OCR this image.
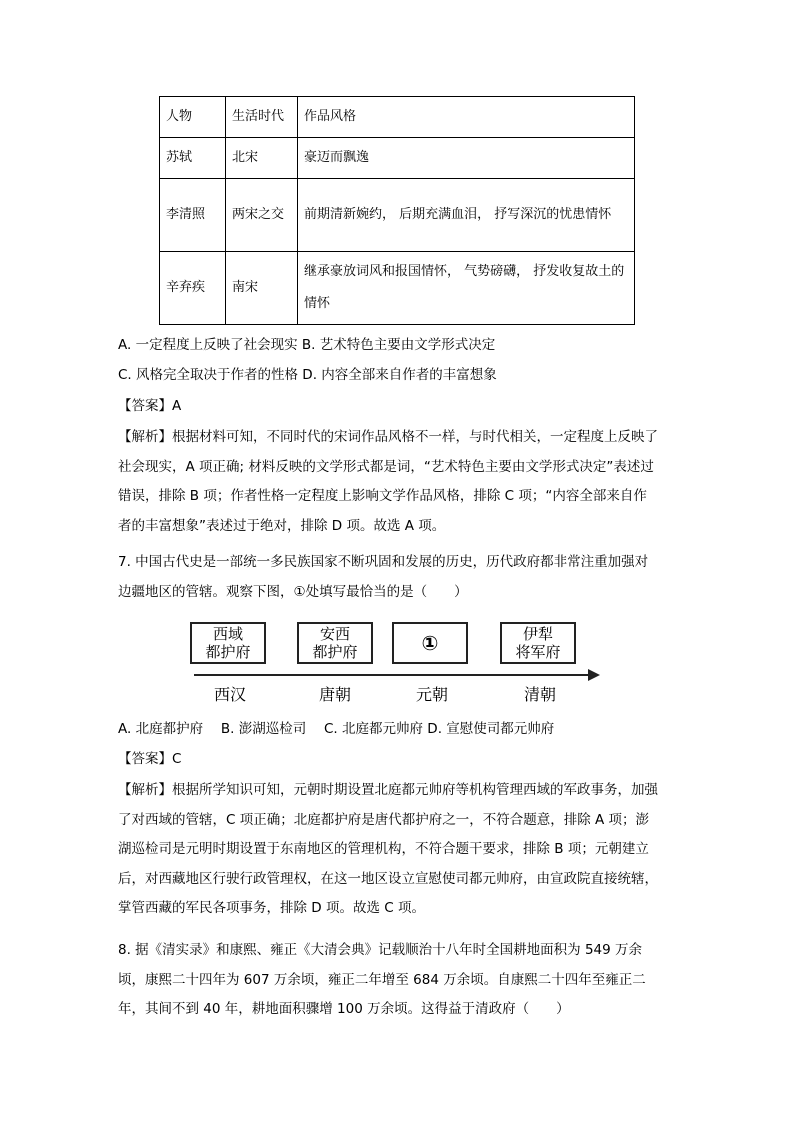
人物	生活时代	作品风格
苏轼	北宋	豪迈而飘逸
李清照	两宋之交	前期清新婉约， 后期充满血泪， 抒写深沉的忧患情怀
辛弃疾	南宋	继承豪放词风和报国情怀， 气势磅礴， 抒发收复故土的情怀
A. 一定程度上反映了社会现实 B. 艺术特色主要由文学形式决定
C. 风格完全取决于作者的性格 D. 内容全部来自作者的丰富想象
【答案】A
【解析】根据材料可知，不同时代的宋词作品风格不一样，与时代相关，一定程度上反映了社会现实，A 项正确; 材料反映的文学形式都是词，“艺术特色主要由文学形式决定”表述过错误，排除 B 项；作者性格一定程度上影响文学作品风格，排除 C 项；“内容全部来自作者的丰富想象”表述过于绝对，排除 D 项。故选 A 项。
7. 中国古代史是一部统一多民族国家不断巩固和发展的历史，历代政府都非常注重加强对边疆地区的管辖。观察下图，①处填写最恰当的是（　　）
西域
都护府
安西
都护府	①	伊犁
将军府
西汉	唐朝	元朝	清朝
A. 北庭都护府　 B. 澎湖巡检司　 C. 北庭都元帅府 D. 宣慰使司都元帅府
【答案】C
【解析】根据所学知识可知，元朝时期设置北庭都元帅府等机构管理西域的军政事务，加强了对西域的管辖，C 项正确；北庭都护府是唐代都护府之一，不符合题意，排除 A 项；澎湖巡检司是元明时期设置于东南地区的管理机构，不符合题干要求，排除 B 项；元朝建立后，对西藏地区行驶行政管理权，在这一地区设立宣慰使司都元帅府，由宣政院直接统辖，掌管西藏的军民各项事务，排除 D 项。故选 C 项。
8. 据《清实录》和康熙、雍正《大清会典》记载顺治十八年时全国耕地面积为 549 万余顷，康熙二十四年为 607 万余顷，雍正二年增至 684 万余顷。自康熙二十四年至雍正二年，其间不到 40 年，耕地面积骤增 100 万余顷。这得益于清政府（　　）
